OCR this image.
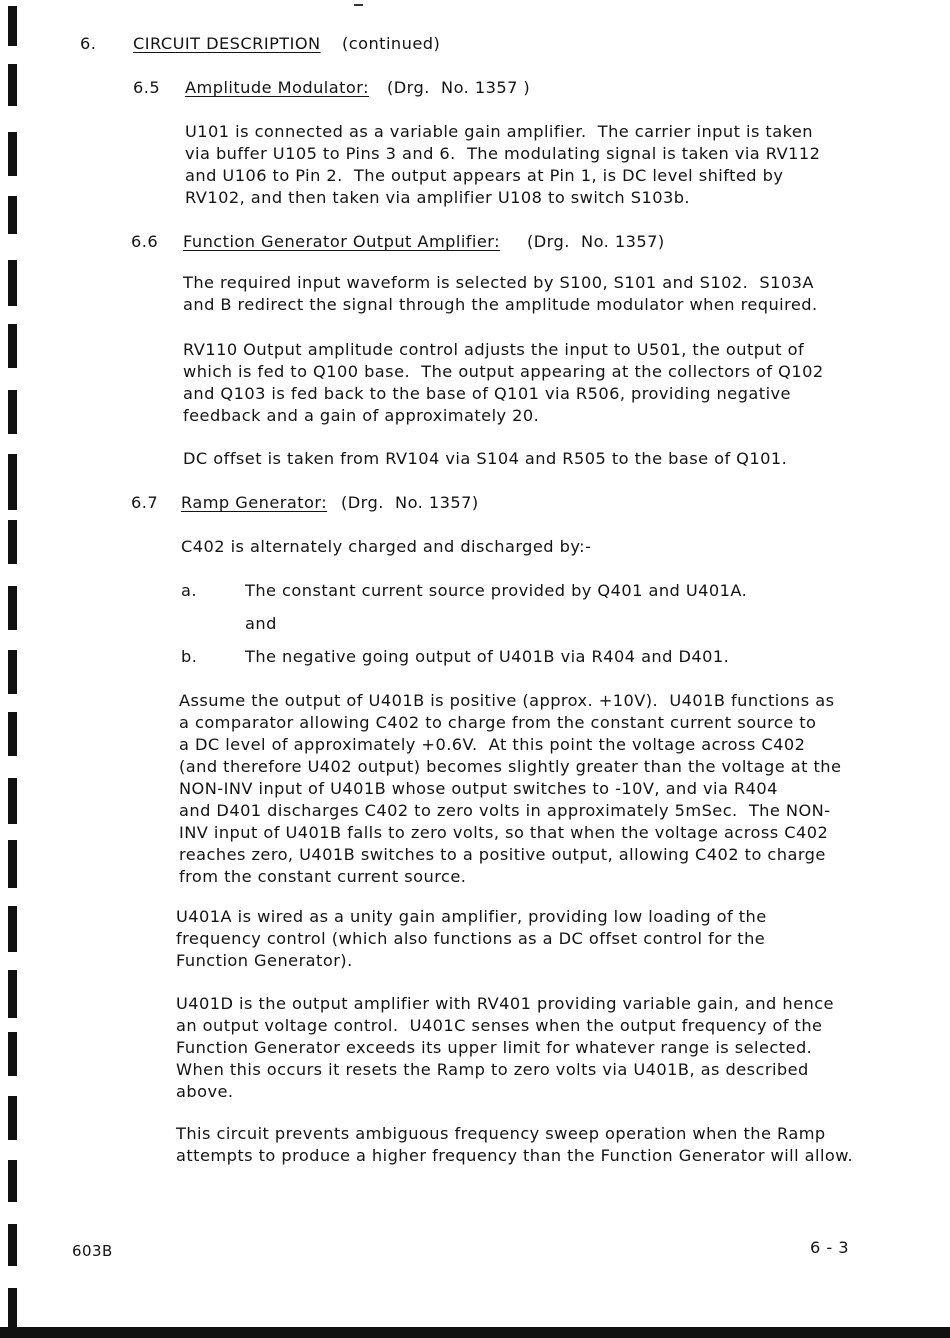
6. CIRCUIT DESCRIPTION (continued)
6.5 Amplitude Modulator: (Drg.  No. 1357 )
U101 is connected as a variable gain amplifier.  The carrier input is taken
via buffer U105 to Pins 3 and 6.  The modulating signal is taken via RV112
and U106 to Pin 2.  The output appears at Pin 1, is DC level shifted by
RV102, and then taken via amplifier U108 to switch S103b.
6.6 Function Generator Output Amplifier: (Drg.  No. 1357)
The required input waveform is selected by S100, S101 and S102.  S103A
and B redirect the signal through the amplitude modulator when required.
RV110 Output amplitude control adjusts the input to U501, the output of
which is fed to Q100 base.  The output appearing at the collectors of Q102
and Q103 is fed back to the base of Q101 via R506, providing negative
feedback and a gain of approximately 20.
DC offset is taken from RV104 via S104 and R505 to the base of Q101.
6.7 Ramp Generator: (Drg.  No. 1357)
C402 is alternately charged and discharged by:-
a.	The constant current source provided by Q401 and U401A.
and
b.	The negative going output of U401B via R404 and D401.
Assume the output of U401B is positive (approx. +10V).  U401B functions as
a comparator allowing C402 to charge from the constant current source to
a DC level of approximately +0.6V.  At this point the voltage across C402
(and therefore U402 output) becomes slightly greater than the voltage at the
NON-INV input of U401B whose output switches to -10V, and via R404
and D401 discharges C402 to zero volts in approximately 5mSec.  The NON-
INV input of U401B falls to zero volts, so that when the voltage across C402
reaches zero, U401B switches to a positive output, allowing C402 to charge
from the constant current source.
U401A is wired as a unity gain amplifier, providing low loading of the
frequency control (which also functions as a DC offset control for the
Function Generator).
U401D is the output amplifier with RV401 providing variable gain, and hence
an output voltage control.  U401C senses when the output frequency of the
Function Generator exceeds its upper limit for whatever range is selected.
When this occurs it resets the Ramp to zero volts via U401B, as described
above.
This circuit prevents ambiguous frequency sweep operation when the Ramp
attempts to produce a higher frequency than the Function Generator will allow.
603B	6 - 3
